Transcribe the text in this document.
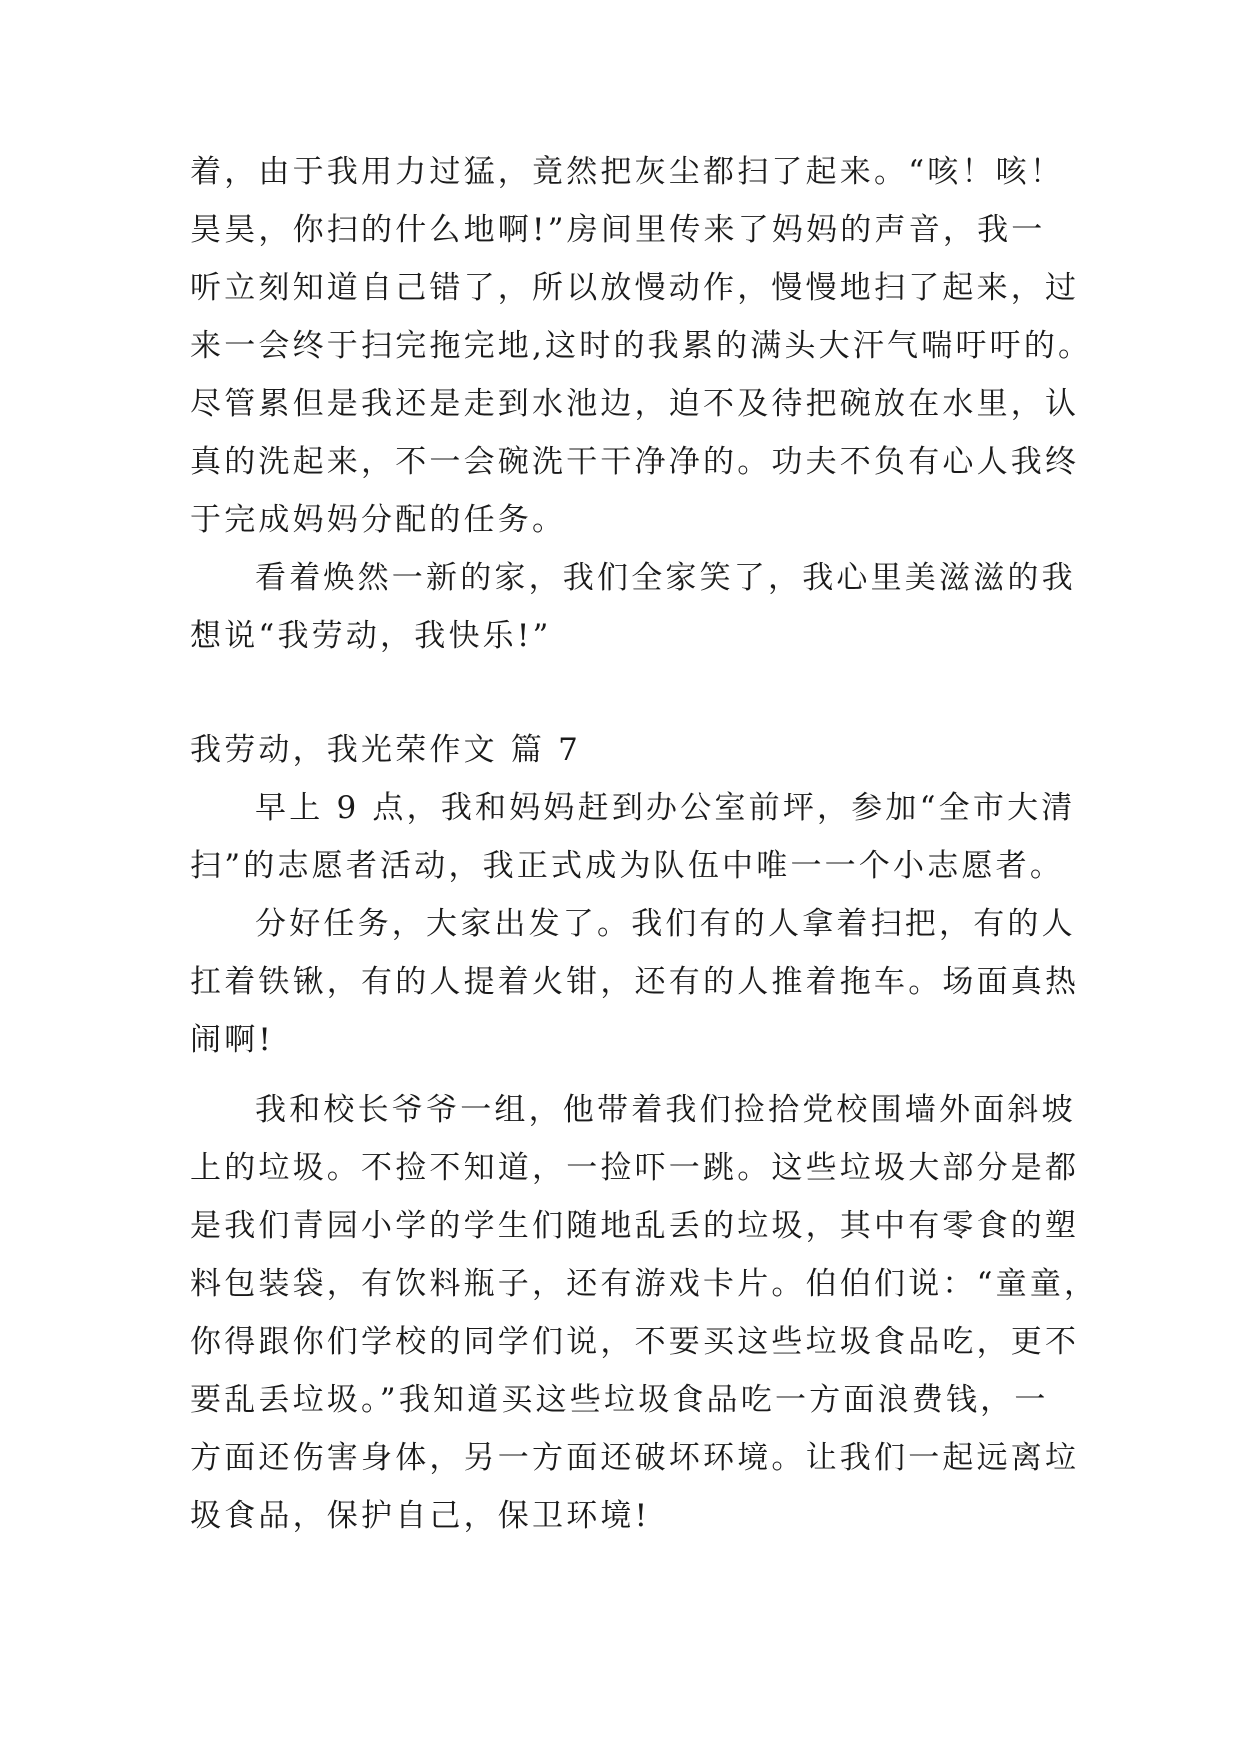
着，由于我用力过猛，竟然把灰尘都扫了起来。“咳！咳！
昊昊，你扫的什么地啊!”房间里传来了妈妈的声音，我一
听立刻知道自己错了，所以放慢动作，慢慢地扫了起来，过
来一会终于扫完拖完地,这时的我累的满头大汗气喘吁吁的。
尽管累但是我还是走到水池边，迫不及待把碗放在水里，认
真的洗起来，不一会碗洗干干净净的。功夫不负有心人我终
于完成妈妈分配的任务。
看着焕然一新的家，我们全家笑了，我心里美滋滋的我
想说“我劳动，我快乐!”
我劳动，我光荣作文 篇 7
早上 9 点，我和妈妈赶到办公室前坪，参加“全市大清
扫”的志愿者活动，我正式成为队伍中唯一一个小志愿者。
分好任务，大家出发了。我们有的人拿着扫把，有的人
扛着铁锹，有的人提着火钳，还有的人推着拖车。场面真热
闹啊!
我和校长爷爷一组，他带着我们捡拾党校围墙外面斜坡
上的垃圾。不捡不知道，一捡吓一跳。这些垃圾大部分是都
是我们青园小学的学生们随地乱丢的垃圾，其中有零食的塑
料包装袋，有饮料瓶子，还有游戏卡片。伯伯们说：“童童，
你得跟你们学校的同学们说，不要买这些垃圾食品吃，更不
要乱丢垃圾。”我知道买这些垃圾食品吃一方面浪费钱，一
方面还伤害身体，另一方面还破坏环境。让我们一起远离垃
圾食品，保护自己，保卫环境!
